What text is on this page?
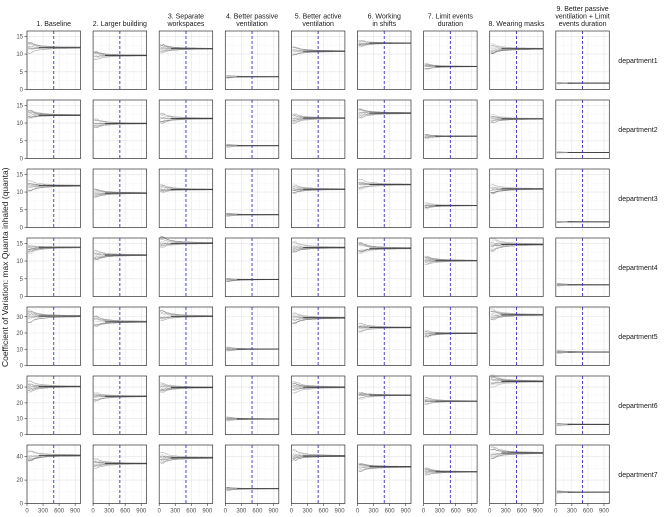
1. Baseline	2. Larger building
3. Separate
workspaces
4. Better passive
ventilation
5. Better active
ventilation
6. Working
in shifts
7. Limit events
duration	8. Wearing masks
9. Better passive
ventilation + Limit
events duration
department1
department2
department3
department4
department5
department6
department7
0
5
10
15
0
5
10
15
0
5
10
15
0
5
10
15
0
10
20
30
0
10
20
30
0
20
40
0 300 600 900 0 300 600 900 0 300 600 900 0 300 600 900 0 300 600 900 0 300 600 900 0 300 600 900 0 300 600 900 0 300 600 900
Coefficient of Variation: max Quanta inhaled (quanta)
